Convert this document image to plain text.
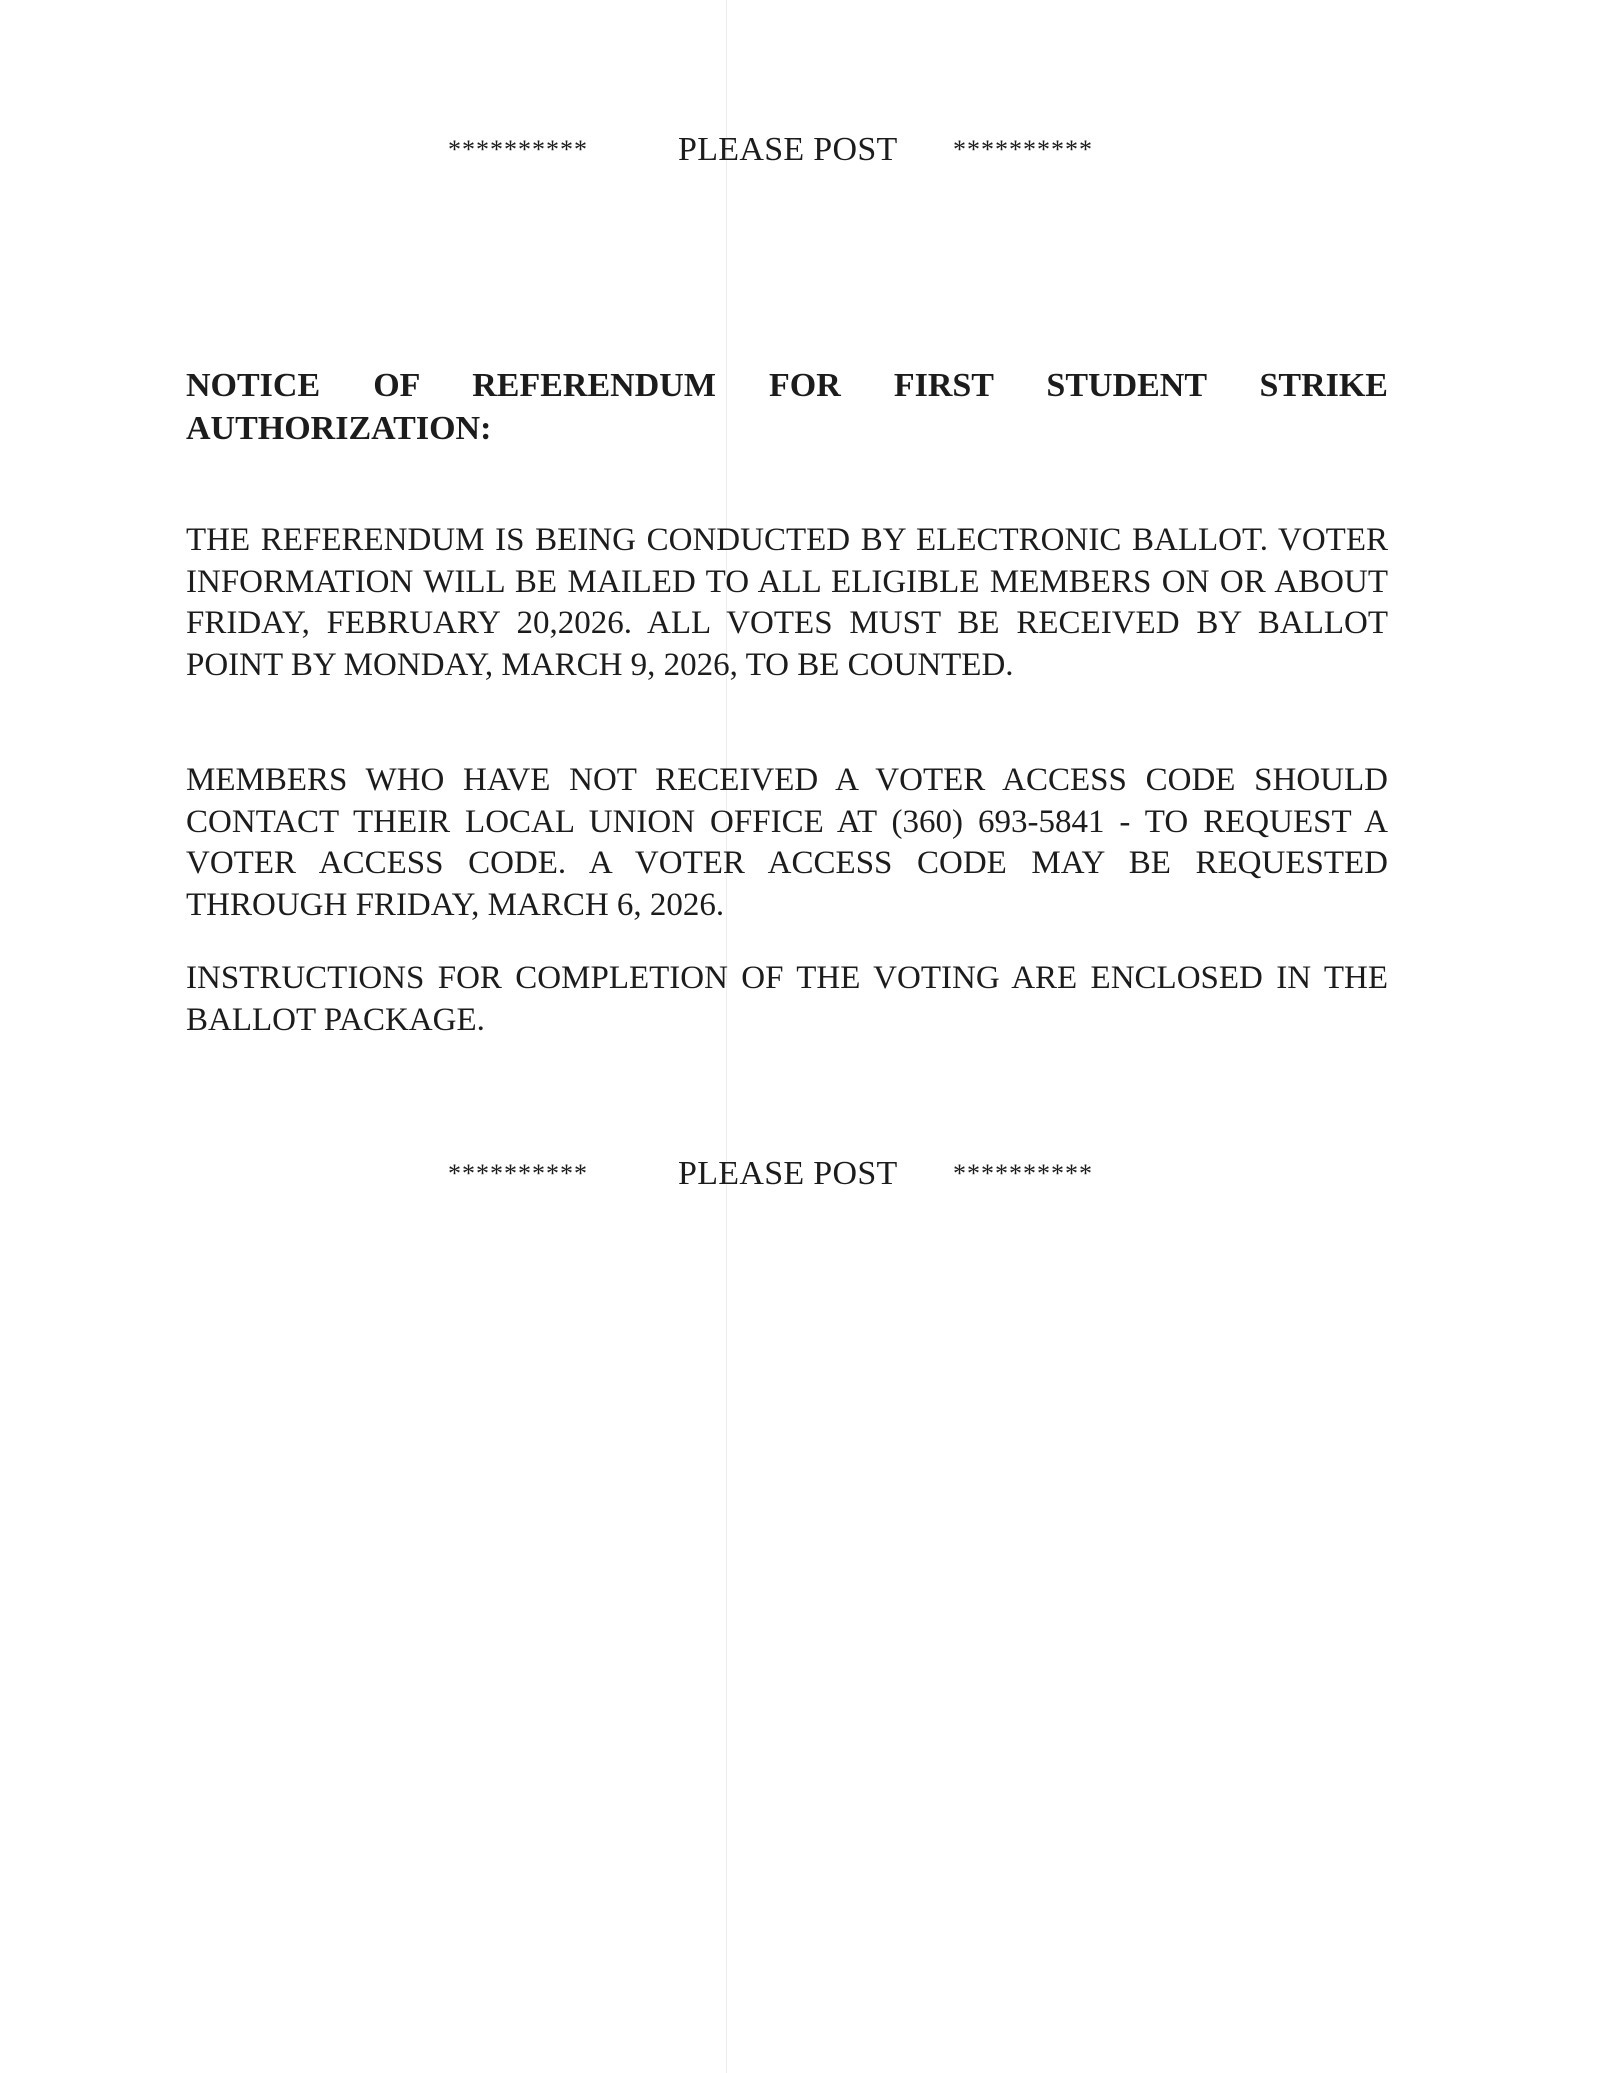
**********	PLEASE POST **********
NOTICE OF REFERENDUM FOR FIRST STUDENT STRIKE
AUTHORIZATION:

THE REFERENDUM IS BEING CONDUCTED BY ELECTRONIC BALLOT. VOTER INFORMATION WILL BE MAILED TO ALL ELIGIBLE MEMBERS ON OR ABOUT FRIDAY, FEBRUARY 20,2026. ALL VOTES MUST BE RECEIVED BY BALLOT POINT BY MONDAY, MARCH 9, 2026, TO BE COUNTED.

MEMBERS WHO HAVE NOT RECEIVED A VOTER ACCESS CODE SHOULD CONTACT THEIR LOCAL UNION OFFICE AT (360) 693-5841 - TO REQUEST A VOTER ACCESS CODE. A VOTER ACCESS CODE MAY BE REQUESTED THROUGH FRIDAY, MARCH 6, 2026.

INSTRUCTIONS FOR COMPLETION OF THE VOTING ARE ENCLOSED IN THE BALLOT PACKAGE.

**********	PLEASE POST **********
